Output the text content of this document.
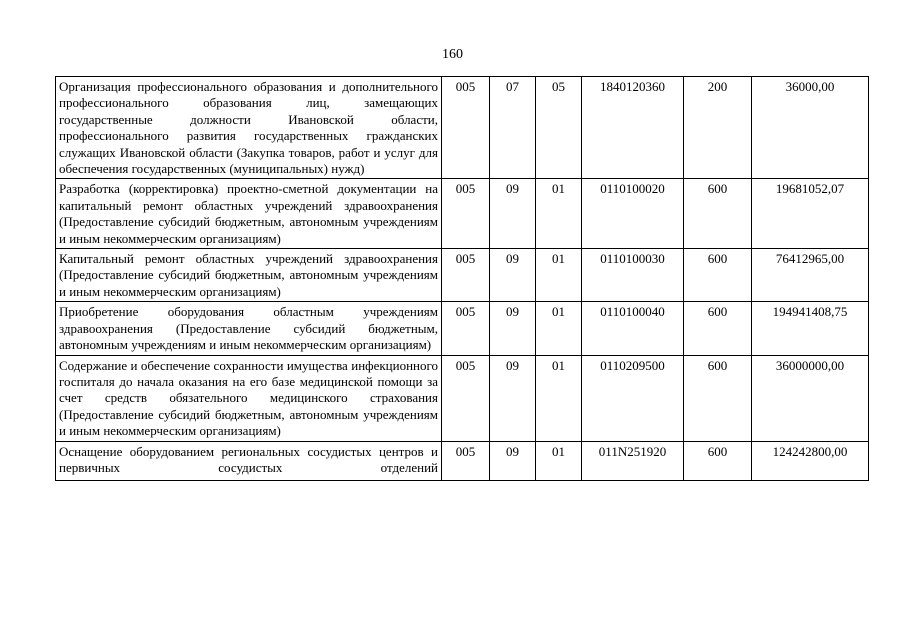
160
Организация профессионального образования и дополнительного профессионального образования лиц, замещающих государственные должности Ивановской области, профессионального развития государственных гражданских служащих Ивановской области (Закупка товаров, работ и услуг для обеспечения государственных (муниципальных) нужд)	005	07	05	1840120360	200	36000,00
Разработка (корректировка) проектно-сметной документации на капитальный ремонт областных учреждений здравоохранения (Предоставление субсидий бюджетным, автономным учреждениям и иным некоммерческим организациям)	005	09	01	0110100020	600	19681052,07
Капитальный ремонт областных учреждений здравоохранения (Предоставление субсидий бюджетным, автономным учреждениям и иным некоммерческим организациям)	005	09	01	0110100030	600	76412965,00
Приобретение оборудования областным учреждениям здравоохранения (Предоставление субсидий бюджетным, автономным учреждениям и иным некоммерческим организациям)	005	09	01	0110100040	600	194941408,75
Содержание и обеспечение сохранности имущества инфекционного госпиталя до начала оказания на его базе медицинской помощи за счет средств обязательного медицинского страхования (Предоставление субсидий бюджетным, автономным учреждениям и иным некоммерческим организациям)	005	09	01	0110209500	600	36000000,00
Оснащение оборудованием региональных сосудистых центров и первичных сосудистых отделений	005	09	01	011N251920	600	124242800,00
